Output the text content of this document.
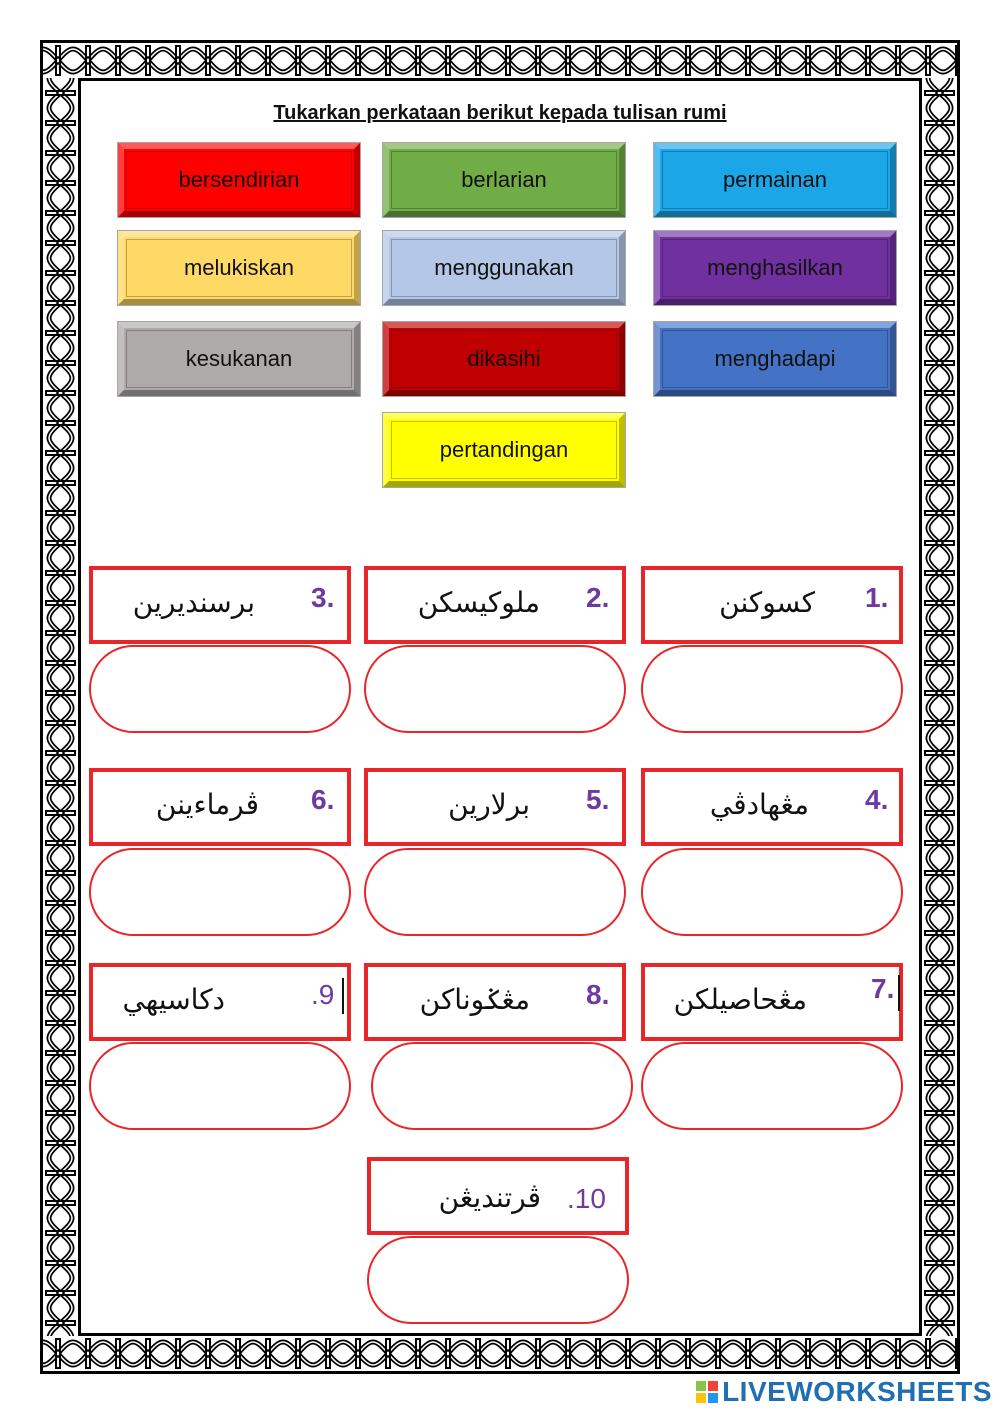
Tukarkan perkataan berikut kepada tulisan rumi
bersendirian	berlarian	permainan
melukiskan	menggunakan	menghasilkan
kesukanan	dikasihi	menghadapi
pertandingan
3.
برسنديرين	2.
ملوكيسكن	1.
كسوكنن
6.
ڤرماءينن	5.
برلارين	4.
مڠهادڤي
.9
دكاسيهي	8.
مڠݢوناكن	7.
مڠحاصيلكن
.10
ڤرتنديڠن
LIVEWORKSHEETS
